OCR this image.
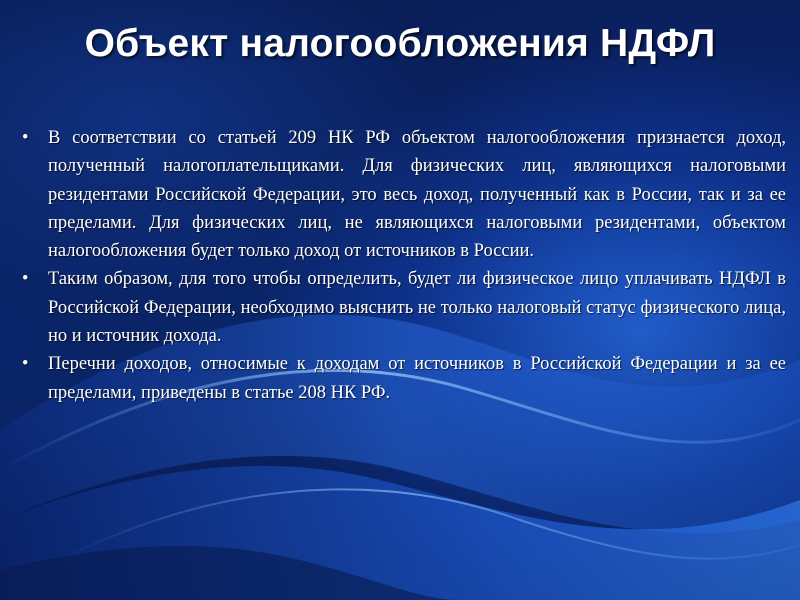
Объект налогообложения НДФЛ
•	В соответствии со статьей 209 НК РФ объектом налогообложения признается доход, полученный налогоплательщиками. Для физических лиц, являющихся налоговыми резидентами Российской Федерации, это весь доход, полученный как в России, так и за ее пределами. Для физических лиц, не являющихся налоговыми резидентами, объектом налогообложения будет только доход от источников в России.
•	Таким образом, для того чтобы определить, будет ли физическое лицо уплачивать НДФЛ в Российской Федерации, необходимо выяснить не только налоговый статус физического лица, но и источник дохода.
•	Перечни доходов, относимые к доходам от источников в Российской Федерации и за ее пределами, приведены в статье 208 НК РФ.
